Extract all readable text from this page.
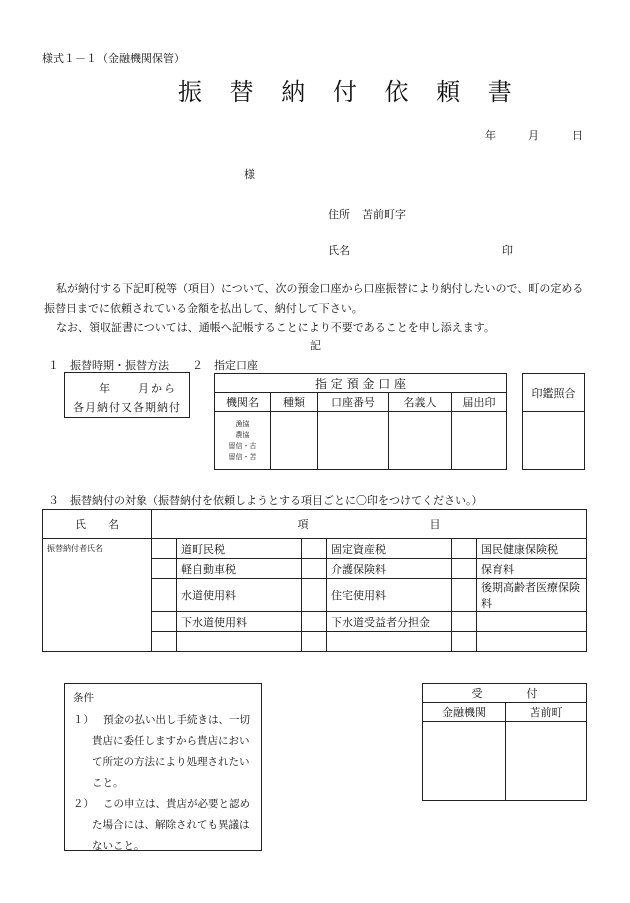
様式１－１（金融機関保管）
振 替 納 付 依 頼 書
年	月	日
様
住所 苫前町字
氏名	印
私が納付する下記町税等（項目）について、次の預金口座から口座振替により納付したいので、町の定める
振替日までに依頼されている金額を払出して、納付して下さい。
なお、領収証書については、通帳へ記帳することにより不要であることを申し添えます。
記
１　振替時期・振替方法
年　　月から
各月納付又各期納付
２　指定口座
指 定 預 金 口 座				
機関名	種類	口座番号	名義人	届出印

漁協
農協
留信・古
留信・苫				

印鑑照合

３　振替納付の対象（振替納付を依頼しようとする項目ごとに〇印をつけてください。）
氏　　名	項　　　　　　　　　　　目					
振替納付者氏名		道町民税		固定資産税		国民健康保険税
		軽自動車税		介護保険料		保育料
		水道使用料		住宅使用料		後期高齢者医療保険料
		下水道使用料		下水道受益者分担金		

条件
１） 預金の払い出し手続きは、一切
貴店に委任しますから貴店におい
て所定の方法により処理されたい
こと。
２） この申立は、貴店が必要と認め
た場合には、解除されても異議は
ないこと。
受　　　　付	
金融機関	苫前町
